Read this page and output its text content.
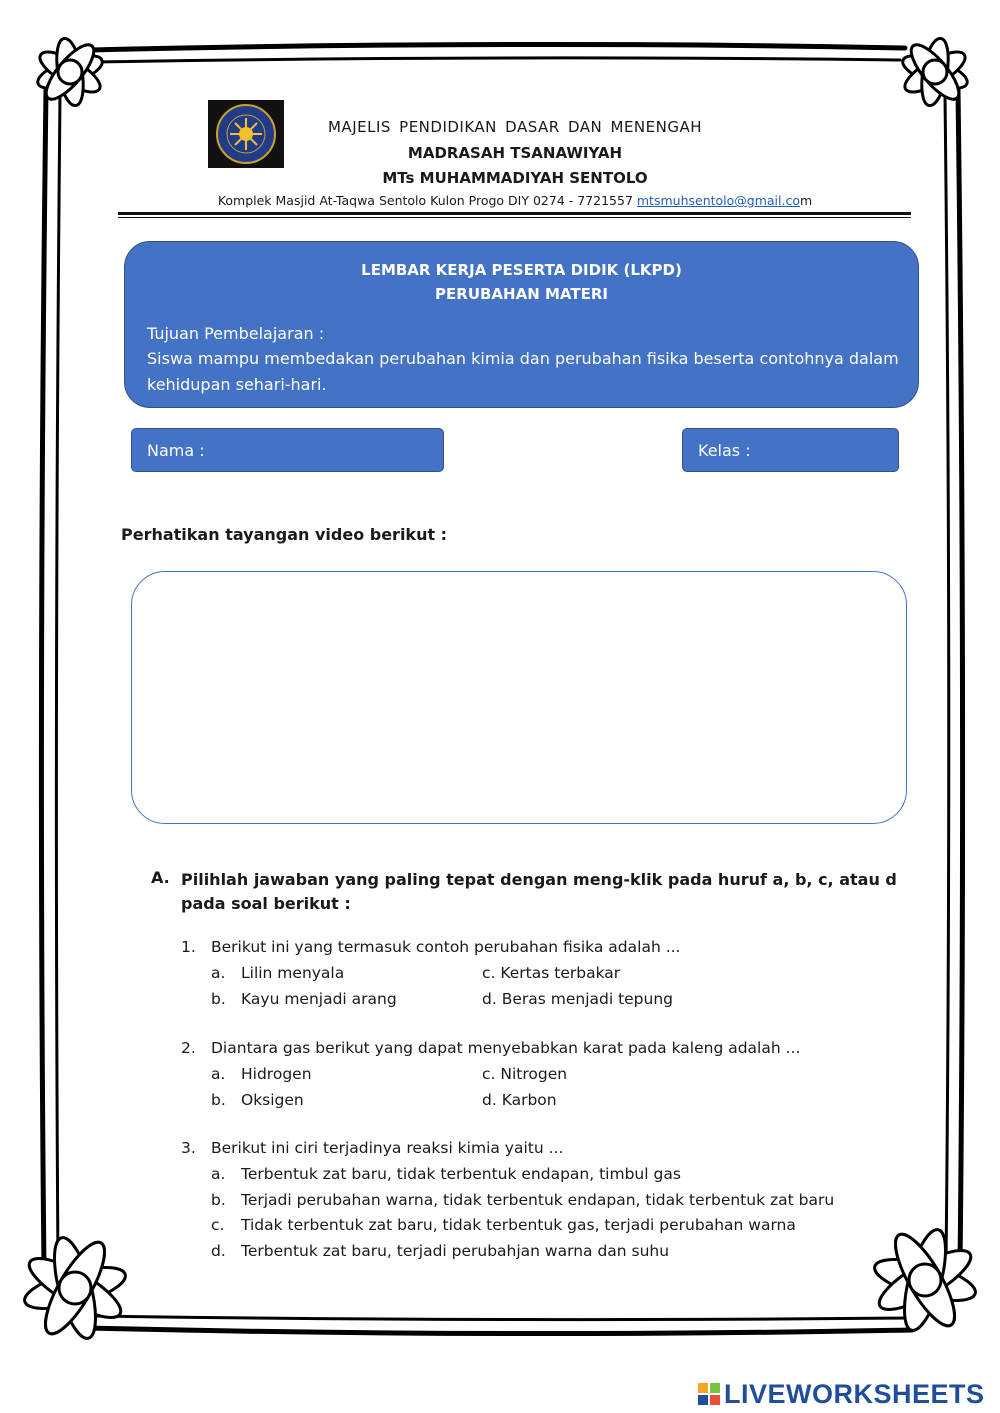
MAJELIS PENDIDIKAN DASAR DAN MENENGAH
MADRASAH TSANAWIYAH
MTs MUHAMMADIYAH SENTOLO
Komplek Masjid At-Taqwa Sentolo Kulon Progo DIY 0274 - 7721557 mtsmuhsentolo@gmail.com
LEMBAR KERJA PESERTA DIDIK (LKPD)
PERUBAHAN MATERI
Tujuan Pembelajaran :
Siswa mampu membedakan perubahan kimia dan perubahan fisika beserta contohnya dalam kehidupan sehari-hari.
Nama :	Kelas :
Perhatikan tayangan video berikut :
A. Pilihlah jawaban yang paling tepat dengan meng-klik pada huruf a, b, c, atau d pada soal berikut :
1. Berikut ini yang termasuk contoh perubahan fisika adalah ...
a. Lilin menyala	c. Kertas terbakar
b. Kayu menjadi arang	d. Beras menjadi tepung
2. Diantara gas berikut yang dapat menyebabkan karat pada kaleng adalah ...
a. Hidrogen	c. Nitrogen
b. Oksigen	d. Karbon
3. Berikut ini ciri terjadinya reaksi kimia yaitu ...
a. Terbentuk zat baru, tidak terbentuk endapan, timbul gas
b. Terjadi perubahan warna, tidak terbentuk endapan, tidak terbentuk zat baru
c. Tidak terbentuk zat baru, tidak terbentuk gas, terjadi perubahan warna
d. Terbentuk zat baru, terjadi perubahjan warna dan suhu
LIVEWORKSHEETS
